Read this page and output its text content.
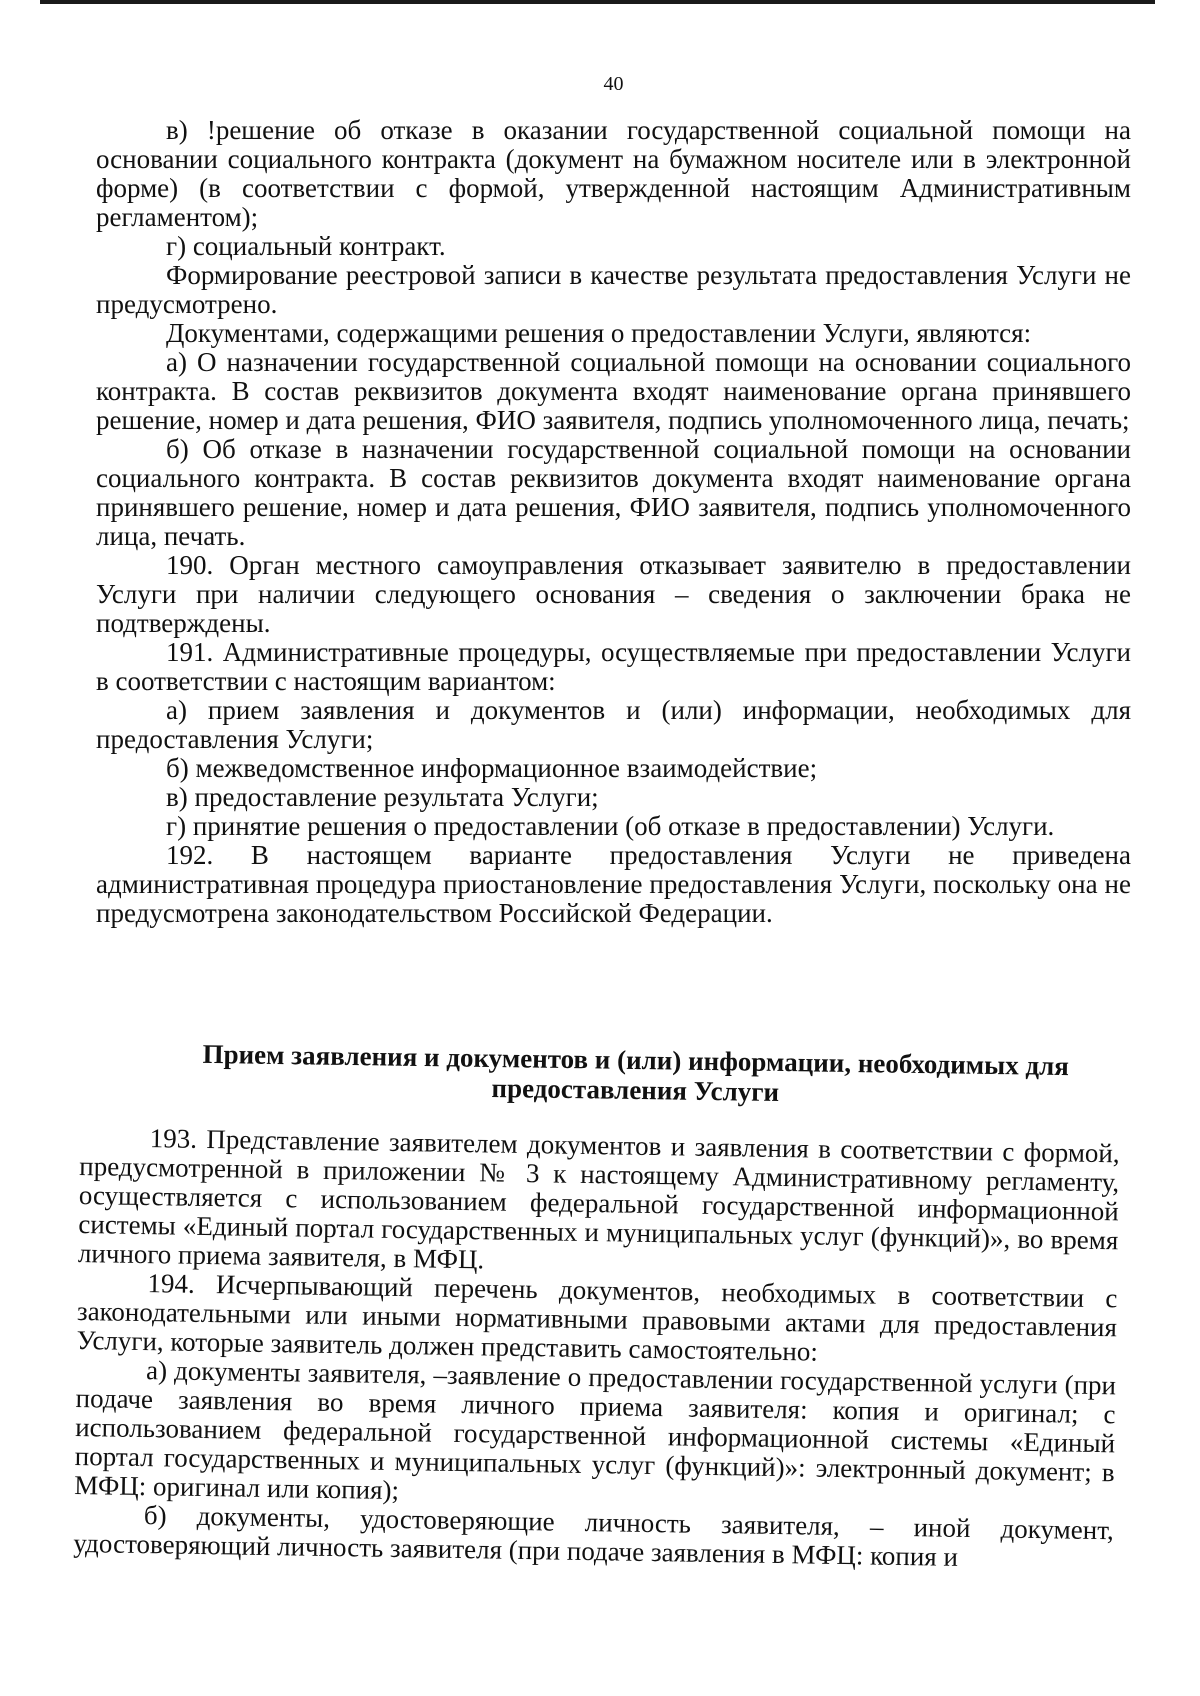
40

в) !решение об отказе в оказании государственной социальной помощи на основании социального контракта (документ на бумажном носителе или в электронной форме) (в соответствии с формой, утвержденной настоящим Административным регламентом);

г) социальный контракт.

Формирование реестровой записи в качестве результата предоставления Услуги не предусмотрено.

Документами, содержащими решения о предоставлении Услуги, являются:

а) О назначении государственной социальной помощи на основании социального контракта. В состав реквизитов документа входят наименование органа принявшего решение, номер и дата решения, ФИО заявителя, подпись уполномоченного лица, печать;

б) Об отказе в назначении государственной социальной помощи на основании социального контракта. В состав реквизитов документа входят наименование органа принявшего решение, номер и дата решения, ФИО заявителя, подпись уполномоченного лица, печать.

190. Орган местного самоуправления отказывает заявителю в предоставлении Услуги при наличии следующего основания – сведения о заключении брака не подтверждены.

191. Административные процедуры, осуществляемые при предоставлении Услуги в соответствии с настоящим вариантом:

а) прием заявления и документов и (или) информации, необходимых для предоставления Услуги;

б) межведомственное информационное взаимодействие;

в) предоставление результата Услуги;

г) принятие решения о предоставлении (об отказе в предоставлении) Услуги.

192. В настоящем варианте предоставления Услуги не приведена административная процедура приостановление предоставления Услуги, поскольку она не предусмотрена законодательством Российской Федерации.

Прием заявления и документов и (или) информации, необходимых для предоставления Услуги

193. Представление заявителем документов и заявления в соответствии с формой, предусмотренной в приложении № 3 к настоящему Административному регламенту, осуществляется с использованием федеральной государственной информационной системы «Единый портал государственных и муниципальных услуг (функций)», во время личного приема заявителя, в МФЦ.

194. Исчерпывающий перечень документов, необходимых в соответствии с законодательными или иными нормативными правовыми актами для предоставления Услуги, которые заявитель должен представить самостоятельно:

а) документы заявителя, –заявление о предоставлении государственной услуги (при подаче заявления во время личного приема заявителя: копия и оригинал; с использованием федеральной государственной информационной системы «Единый портал государственных и муниципальных услуг (функций)»: электронный документ; в МФЦ: оригинал или копия);

б) документы, удостоверяющие личность заявителя, – иной документ, удостоверяющий личность заявителя (при подаче заявления в МФЦ: копия и
